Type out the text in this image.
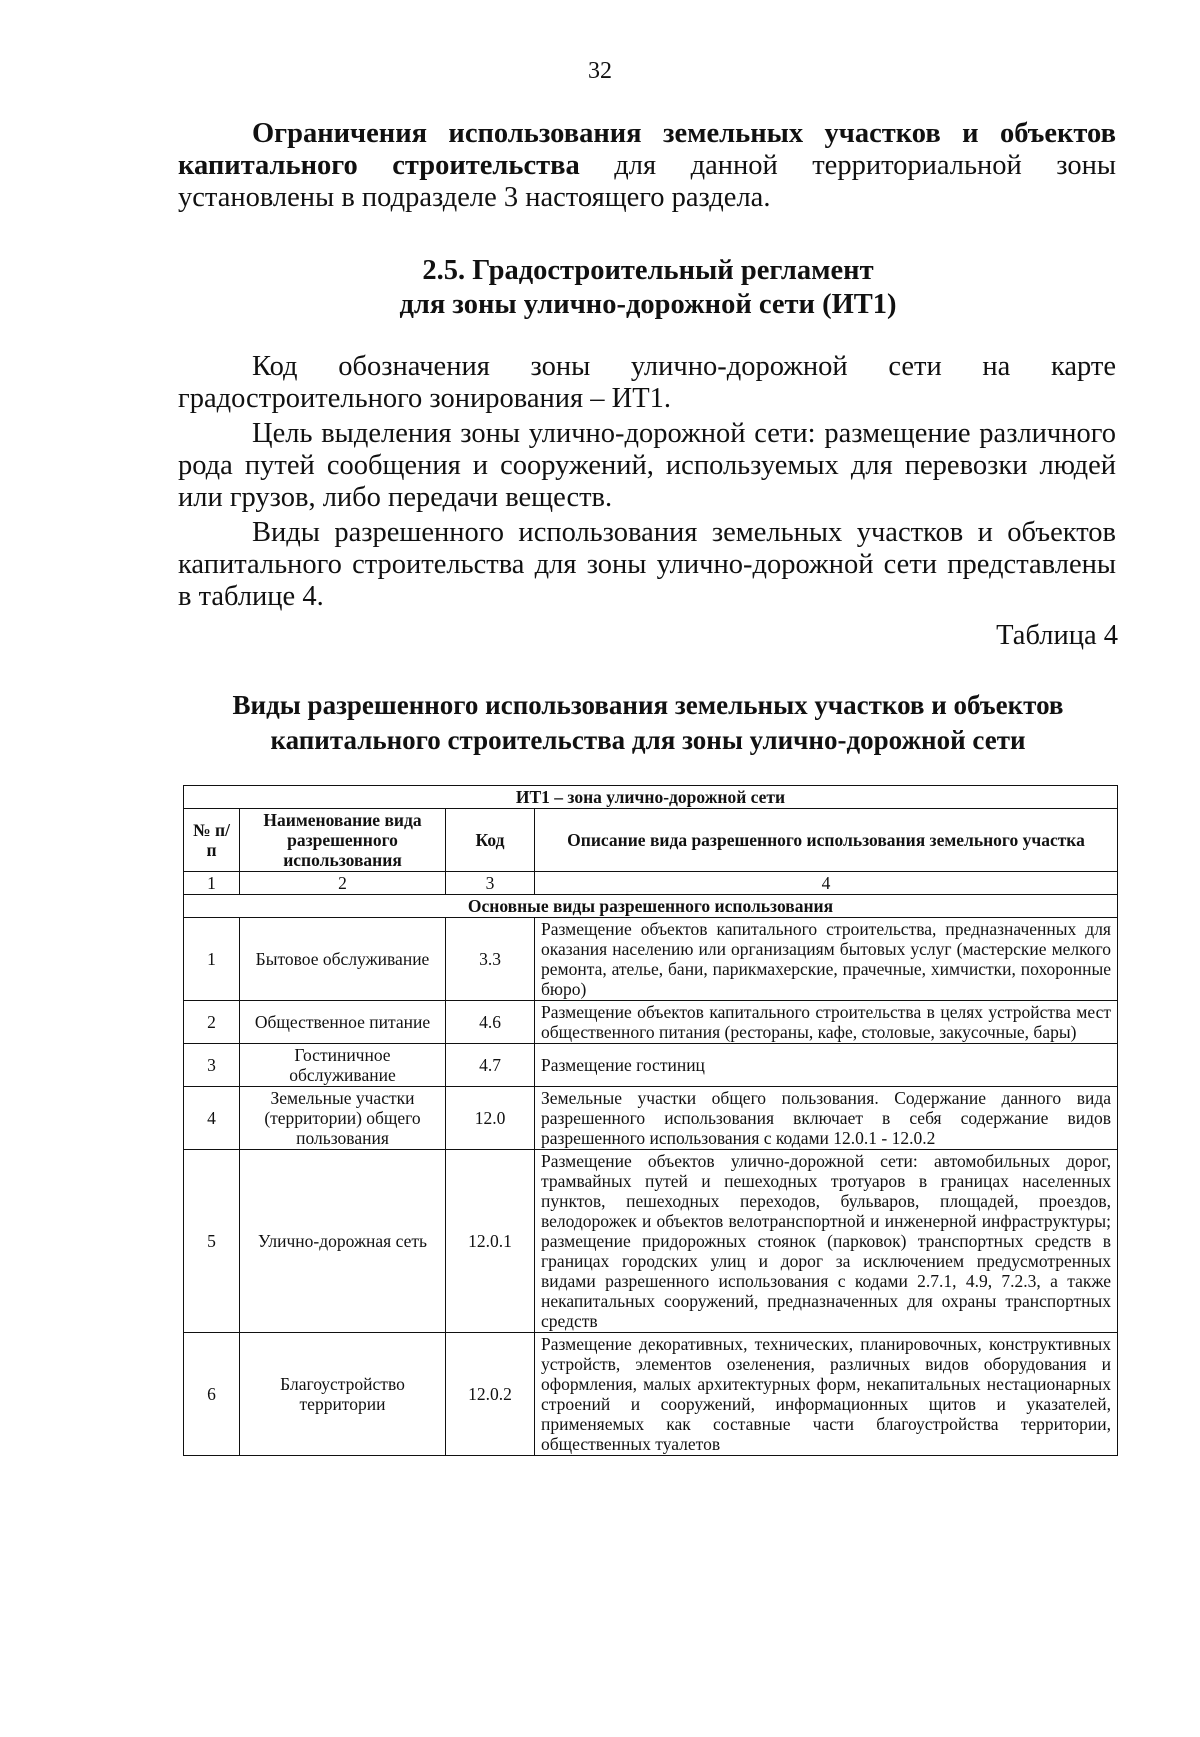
32
Ограничения использования земельных участков и объектов капитального строительства для данной территориальной зоны установлены в подразделе 3 настоящего раздела.
2.5. Градостроительный регламент
для зоны улично-дорожной сети (ИТ1)
Код обозначения зоны улично-дорожной сети на карте градостроительного зонирования – ИТ1.
Цель выделения зоны улично-дорожной сети: размещение различного рода путей сообщения и сооружений, используемых для перевозки людей или грузов, либо передачи веществ.
Виды разрешенного использования земельных участков и объектов капитального строительства для зоны улично-дорожной сети представлены в таблице 4.
Таблица 4
Виды разрешенного использования земельных участков и объектов
капитального строительства для зоны улично-дорожной сети
ИТ1 – зона улично-дорожной сети			
№ п/п	Наименование вида разрешенного использования	Код	Описание вида разрешенного использования земельного участка
1	2	3	4
Основные виды разрешенного использования			
1	Бытовое обслуживание	3.3	Размещение объектов капитального строительства, предназначенных для оказания населению или организациям бытовых услуг (мастерские мелкого ремонта, ателье, бани, парикмахерские, прачечные, химчистки, похоронные бюро)
2	Общественное питание	4.6	Размещение объектов капитального строительства в целях устройства мест общественного питания (рестораны, кафе, столовые, закусочные, бары)
3	Гостиничное обслуживание	4.7	Размещение гостиниц
4	Земельные участки (территории) общего пользования	12.0	Земельные участки общего пользования. Содержание данного вида разрешенного использования включает в себя содержание видов разрешенного использования с кодами 12.0.1 - 12.0.2
5	Улично-дорожная сеть	12.0.1	Размещение объектов улично-дорожной сети: автомобильных дорог, трамвайных путей и пешеходных тротуаров в границах населенных пунктов, пешеходных переходов, бульваров, площадей, проездов, велодорожек и объектов велотранспортной и инженерной инфраструктуры; размещение придорожных стоянок (парковок) транспортных средств в границах городских улиц и дорог за исключением предусмотренных видами разрешенного использования с кодами 2.7.1, 4.9, 7.2.3, а также некапитальных сооружений, предназначенных для охраны транспортных средств
6	Благоустройство территории	12.0.2	Размещение декоративных, технических, планировочных, конструктивных устройств, элементов озеленения, различных видов оборудования и оформления, малых архитектурных форм, некапитальных нестационарных строений и сооружений, информационных щитов и указателей, применяемых как составные части благоустройства территории, общественных туалетов
